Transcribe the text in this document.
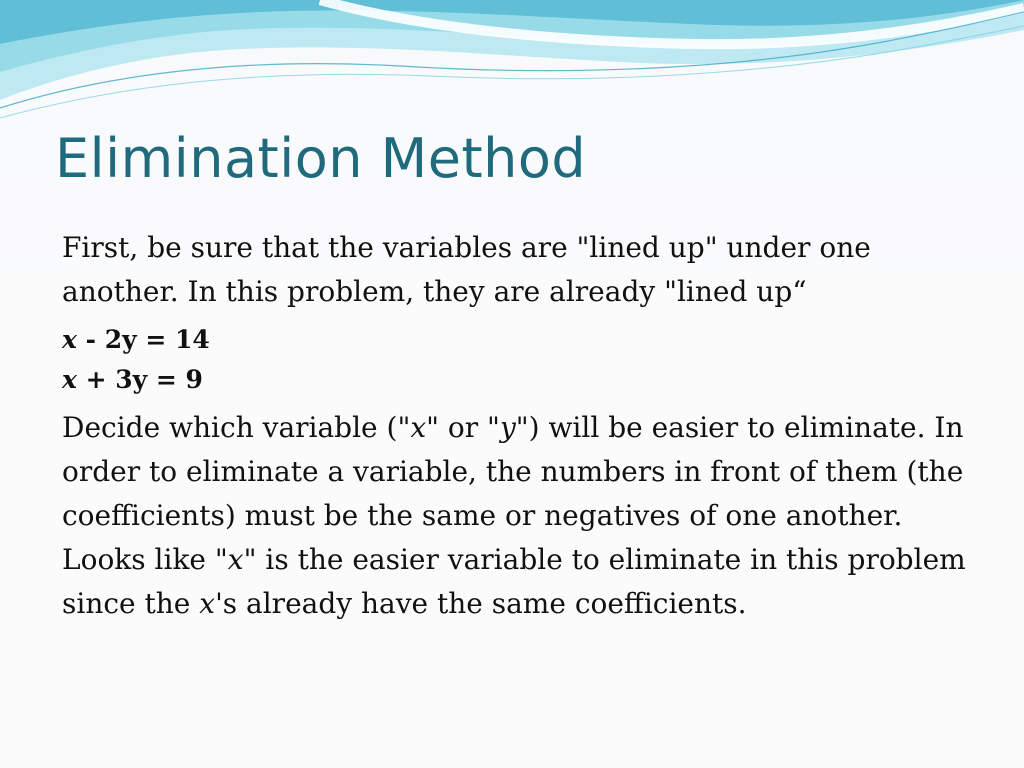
Elimination Method

First, be sure that the variables are "lined up" under one another. In this problem, they are already "lined up“

x - 2y = 14
x + 3y = 9

Decide which variable ("x" or "y") will be easier to eliminate. In order to eliminate a variable, the numbers in front of them (the coefficients) must be the same or negatives of one another. Looks like "x" is the easier variable to eliminate in this problem since the x's already have the same coefficients.
